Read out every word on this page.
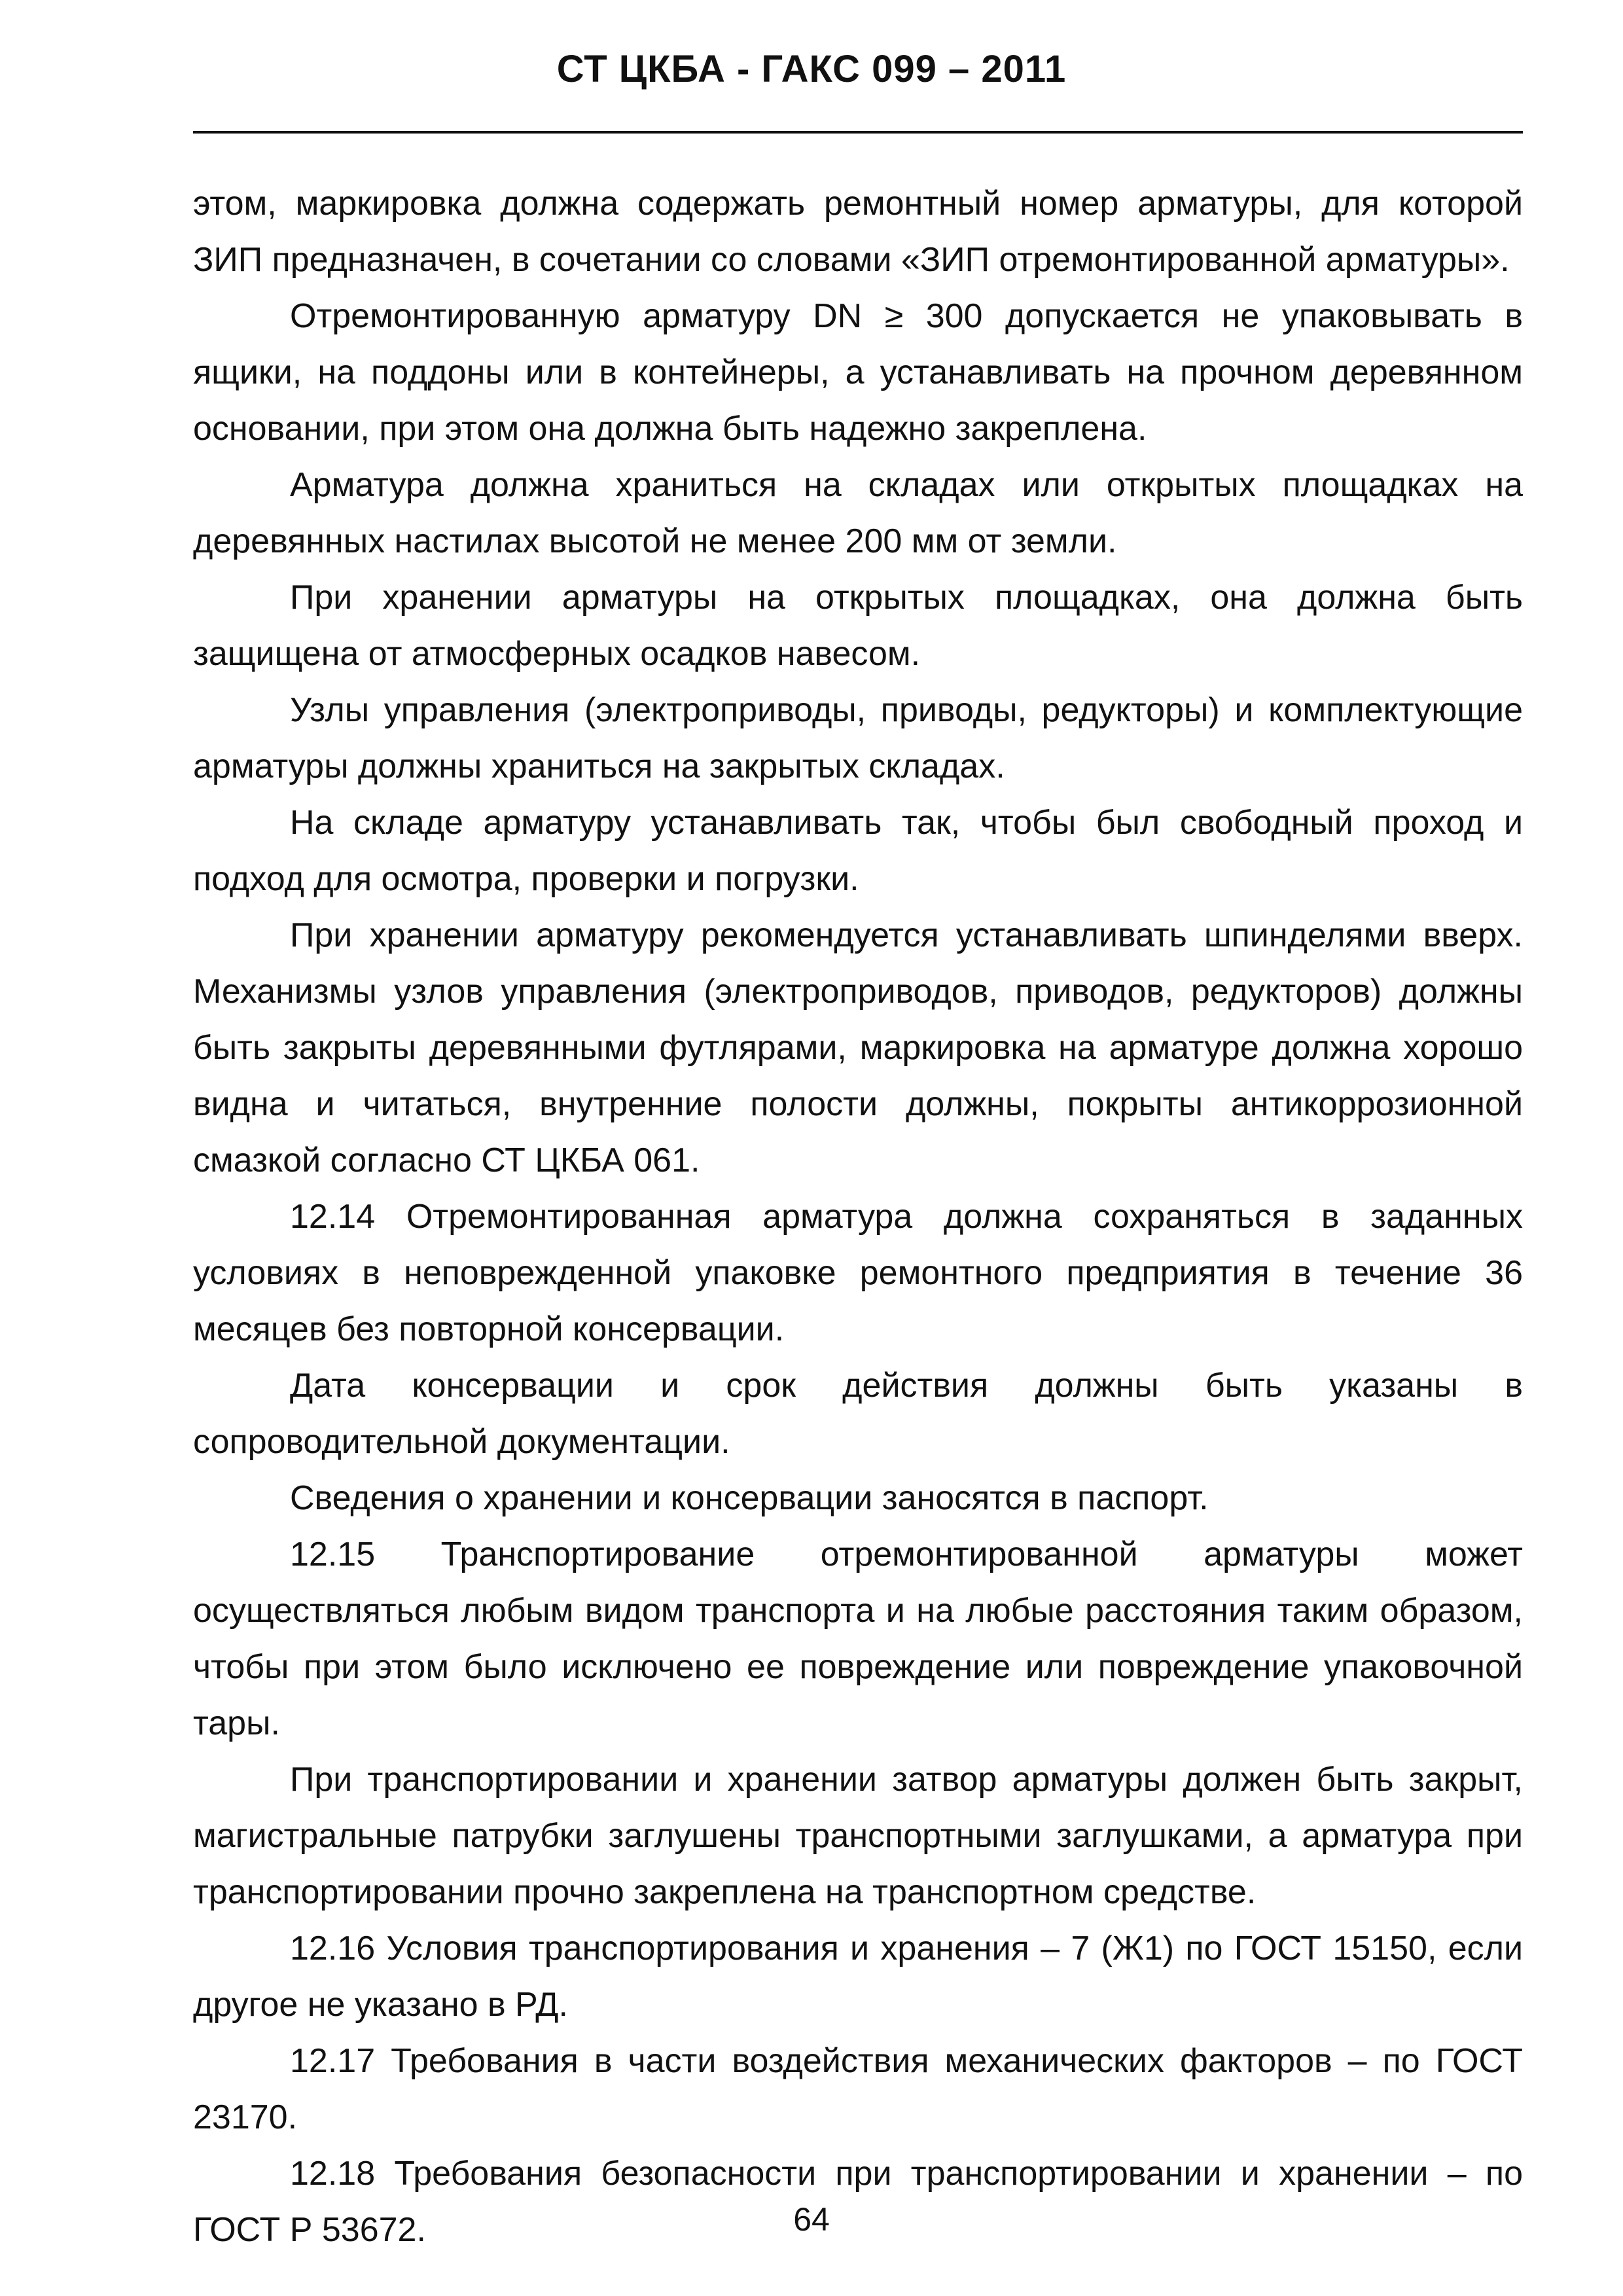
СТ ЦКБА - ГАКС 099 – 2011

этом, маркировка должна содержать ремонтный номер арматуры, для которой ЗИП предназначен, в сочетании со словами «ЗИП отремонтированной арматуры».

Отремонтированную арматуру DN ≥ 300 допускается не упаковывать в ящики, на поддоны или в контейнеры, а устанавливать на прочном деревянном основании, при этом она должна быть надежно закреплена.

Арматура должна храниться на складах или открытых площадках на деревянных настилах высотой не менее 200 мм от земли.

При хранении арматуры на открытых площадках, она должна быть защищена от атмосферных осадков навесом.

Узлы управления (электроприводы, приводы, редукторы) и комплектующие арматуры должны храниться на закрытых складах.

На складе арматуру устанавливать так, чтобы был свободный проход и подход для осмотра, проверки и погрузки.

При хранении арматуру рекомендуется устанавливать шпинделями вверх. Механизмы узлов управления (электроприводов, приводов, редукторов) должны быть закрыты деревянными футлярами, маркировка на арматуре должна хорошо видна и читаться, внутренние полости должны, покрыты антикоррозионной смазкой согласно СТ ЦКБА 061.

12.14 Отремонтированная арматура должна сохраняться в заданных условиях в неповрежденной упаковке ремонтного предприятия в течение 36 месяцев без повторной консервации.

Дата консервации и срок действия должны быть указаны в сопроводительной документации.

Сведения о хранении и консервации заносятся в паспорт.

12.15 Транспортирование отремонтированной арматуры может осуществляться любым видом транспорта и на любые расстояния таким образом, чтобы при этом было исключено ее повреждение или повреждение упаковочной тары.

При транспортировании и хранении затвор арматуры должен быть закрыт, магистральные патрубки заглушены транспортными заглушками, а арматура при транспортировании прочно закреплена на транспортном средстве.

12.16 Условия транспортирования и хранения – 7 (Ж1) по ГОСТ 15150, если другое не указано в РД.

12.17 Требования в части воздействия механических факторов – по ГОСТ 23170.

12.18 Требования безопасности при транспортировании и хранении – по ГОСТ Р 53672.	64
